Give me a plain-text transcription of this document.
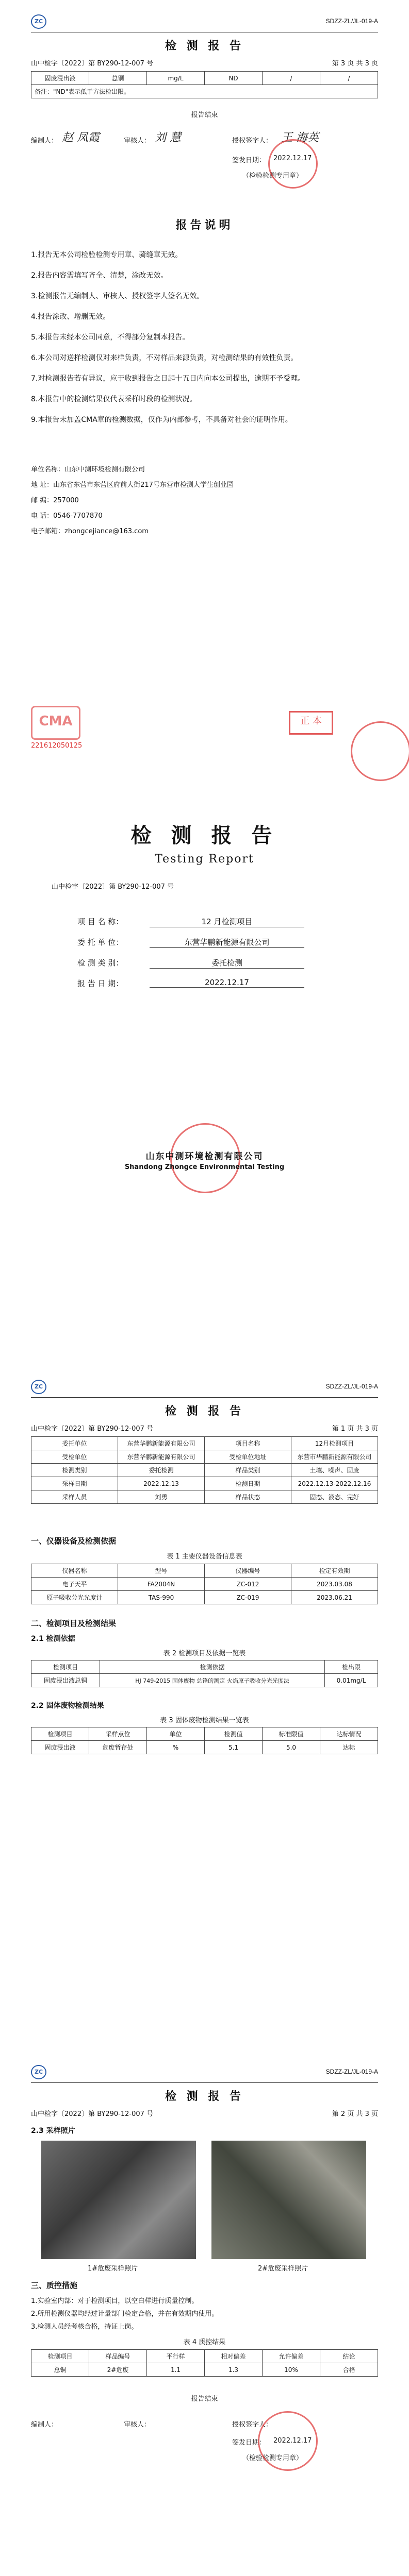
ZC	SDZZ-ZL/JL-019-A
检 测 报 告
山中检字〔2022〕第 BY290-12-007 号	第 3 页 共 3 页
固废浸出液	总铜	mg/L	ND	/	/
备注："ND"表示低于方法检出限。
报告结束
编制人： 赵 凤霞	审核人： 刘 慧	授权签字人： 王 海英
签发日期： 2022.12.17
（检验检测专用章）
报告说明
1.报告无本公司检验检测专用章、骑缝章无效。
2.报告内容需填写齐全、清楚，涂改无效。
3.检测报告无编制人、审核人、授权签字人签名无效。
4.报告涂改、增删无效。
5.本报告未经本公司同意，不得部分复制本报告。
6.本公司对送样检测仅对来样负责，不对样品来源负责，对检测结果的有效性负责。
7.对检测报告若有异议，应于收到报告之日起十五日内向本公司提出，逾期不予受理。
8.本报告中的检测结果仅代表采样时段的检测状况。
9.本报告未加盖CMA章的检测数据，仅作为内部参考，不具备对社会的证明作用。
单位名称：山东中测环境检测有限公司
地 址：山东省东营市东营区府前大街217号东营市检测大学生创业园
邮 编：257000
电 话：0546-7707870
电子邮箱：zhongcejiance@163.com
CMA
221612050125
正 本
检 测 报 告
Testing Report
山中检字〔2022〕第 BY290-12-007 号
项 目 名 称：	12 月检测项目
委 托 单 位：	东营华鹏新能源有限公司
检 测 类 别：	委托检测
报 告 日 期：	2022.12.17
山东中测环境检测有限公司
Shandong Zhongce Environmental Testing
ZC	SDZZ-ZL/JL-019-A
检 测 报 告
山中检字〔2022〕第 BY290-12-007 号	第 1 页 共 3 页
委托单位	东营华鹏新能源有限公司	项目名称	12月检测项目
受检单位	东营华鹏新能源有限公司	受检单位地址	东营市华鹏新能源有限公司
检测类别	委托检测	样品类别	土壤、噪声、固废
采样日期	2022.12.13	检测日期	2022.12.13-2022.12.16
采样人员	刘勇	样品状态	固态、液态、完好
一、仪器设备及检测依据
表 1 主要仪器设备信息表
仪器名称	型号	仪器编号	检定有效期
电子天平	FA2004N	ZC-012	2023.03.08
原子吸收分光光度计	TAS-990	ZC-019	2023.06.21
二、检测项目及检测结果
2.1 检测依据
表 2 检测项目及依据一览表
检测项目	检测依据	检出限
固废浸出液总铜	HJ 749-2015 固体废物 总铬的测定 火焰原子吸收分光光度法	0.01mg/L
2.2 固体废物检测结果
表 3 固体废物检测结果一览表
检测项目	采样点位	单位	检测值	标准限值	达标情况
固废浸出液	危废暂存处	%	5.1	5.0	达标
ZC	SDZZ-ZL/JL-019-A
检 测 报 告
山中检字〔2022〕第 BY290-12-007 号	第 2 页 共 3 页
2.3 采样照片
1#危废采样照片	2#危废采样照片
三、质控措施
1.实验室内部：对于检测项目，以空白样进行质量控制。
2.所用检测仪器均经过计量部门检定合格，并在有效期内使用。
3.检测人员经考核合格，持证上岗。
表 4 质控结果
检测项目	样品编号	平行样	相对偏差	允许偏差	结论
总铜	2#危废	1.1	1.3	10%	合格
报告结束
编制人：	审核人：	授权签字人：
签发日期： 2022.12.17
（检验检测专用章）
